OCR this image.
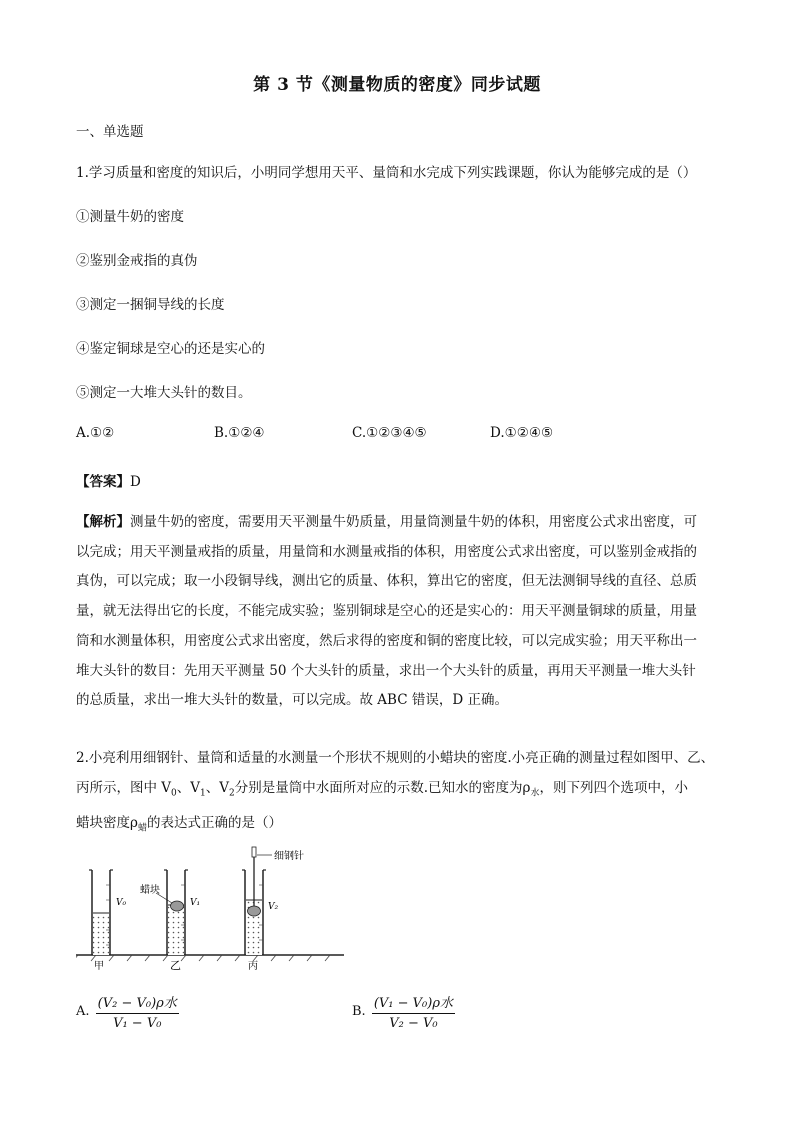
第 3 节《测量物质的密度》同步试题
一、单选题
1.学习质量和密度的知识后，小明同学想用天平、量筒和水完成下列实践课题，你认为能够完成的是（）
①测量牛奶的密度
②鉴别金戒指的真伪
③测定一捆铜导线的长度
④鉴定铜球是空心的还是实心的
⑤测定一大堆大头针的数目。
A.①②	B.①②④	C.①②③④⑤	D.①②④⑤
【答案】D

【解析】测量牛奶的密度，需要用天平测量牛奶质量，用量筒测量牛奶的体积，用密度公式求出密度，可

以完成；用天平测量戒指的质量，用量筒和水测量戒指的体积，用密度公式求出密度，可以鉴别金戒指的

真伪，可以完成；取一小段铜导线，测出它的质量、体积，算出它的密度，但无法测铜导线的直径、总质

量，就无法得出它的长度，不能完成实验；鉴别铜球是空心的还是实心的：用天平测量铜球的质量，用量

筒和水测量体积，用密度公式求出密度，然后求得的密度和铜的密度比较，可以完成实验；用天平称出一

堆大头针的数目：先用天平测量 50 个大头针的质量，求出一个大头针的质量，再用天平测量一堆大头针

的总质量，求出一堆大头针的数量，可以完成。故 ABC 错误，D 正确。

2.小亮利用细钢针、量筒和适量的水测量一个形状不规则的小蜡块的密度.小亮正确的测量过程如图甲、乙、

丙所示，图中 $V_0$、$V_1$、$V_2$分别是量筒中水面所对应的示数.已知水的密度为$\rho_水$，则下列四个选项中，小

蜡块密度$\rho_蜡$的表达式正确的是（）

细钢针
蜡块
V₀	V₁	V₂
甲	乙	丙
A. $\frac{\text{(V₂ − V₀)ρ水}}{\text{V₁ − V₀}}$	B. $\frac{\text{(V₁ − V₀)ρ水}}{\text{V₂ − V₀}}$
